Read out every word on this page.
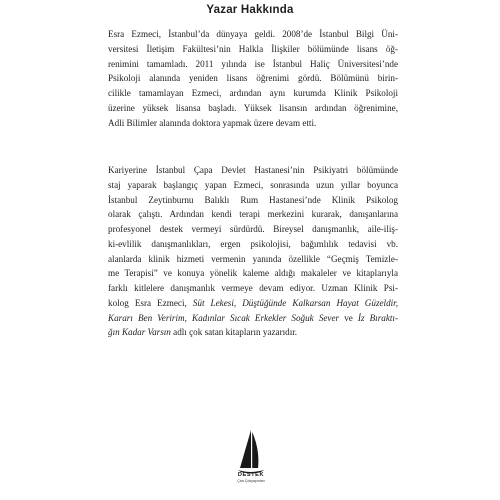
Yazar Hakkında
Esra Ezmeci, İstanbul’da dünyaya geldi. 2008’de İstanbul Bilgi Üni-
versitesi İletişim Fakültesi’nin Halkla İlişkiler bölümünde lisans öğ-
renimini tamamladı. 2011 yılında ise İstanbul Haliç Üniversitesi’nde
Psikoloji alanında yeniden lisans öğrenimi gördü. Bölümünü birin-
cilikle tamamlayan Ezmeci, ardından aynı kurumda Klinik Psikoloji
üzerine yüksek lisansa başladı. Yüksek lisansın ardından öğrenimine,
Adli Bilimler alanında doktora yapmak üzere devam etti.
Kariyerine İstanbul Çapa Devlet Hastanesi’nin Psikiyatri bölümünde
staj yaparak başlangıç yapan Ezmeci, sonrasında uzun yıllar boyunca
İstanbul Zeytinburnu Balıklı Rum Hastanesi’nde Klinik Psikolog
olarak çalıştı. Ardından kendi terapi merkezini kurarak, danışanlarına
profesyonel destek vermeyi sürdürdü. Bireysel danışmanlık, aile-iliş-
ki-evlilik danışmanlıkları, ergen psikolojisi, bağımlılık tedavisi vb.
alanlarda klinik hizmeti vermenin yanında özellikle “Geçmiş Temizle-
me Terapisi” ve konuya yönelik kaleme aldığı makaleler ve kitaplarıyla
farklı kitlelere danışmanlık vermeye devam ediyor. Uzman Klinik Psi-
kolog Esra Ezmeci, Süt Lekesi, Düştüğünde Kalkarsan Hayat Güzeldir,
Kararı Ben Veririm, Kadınlar Sıcak Erkekler Soğuk Sever ve İz Bıraktı-
ğın Kadar Varsın adlı çok satan kitapların yazarıdır.
DESTEK
Çan Çokyayınları
